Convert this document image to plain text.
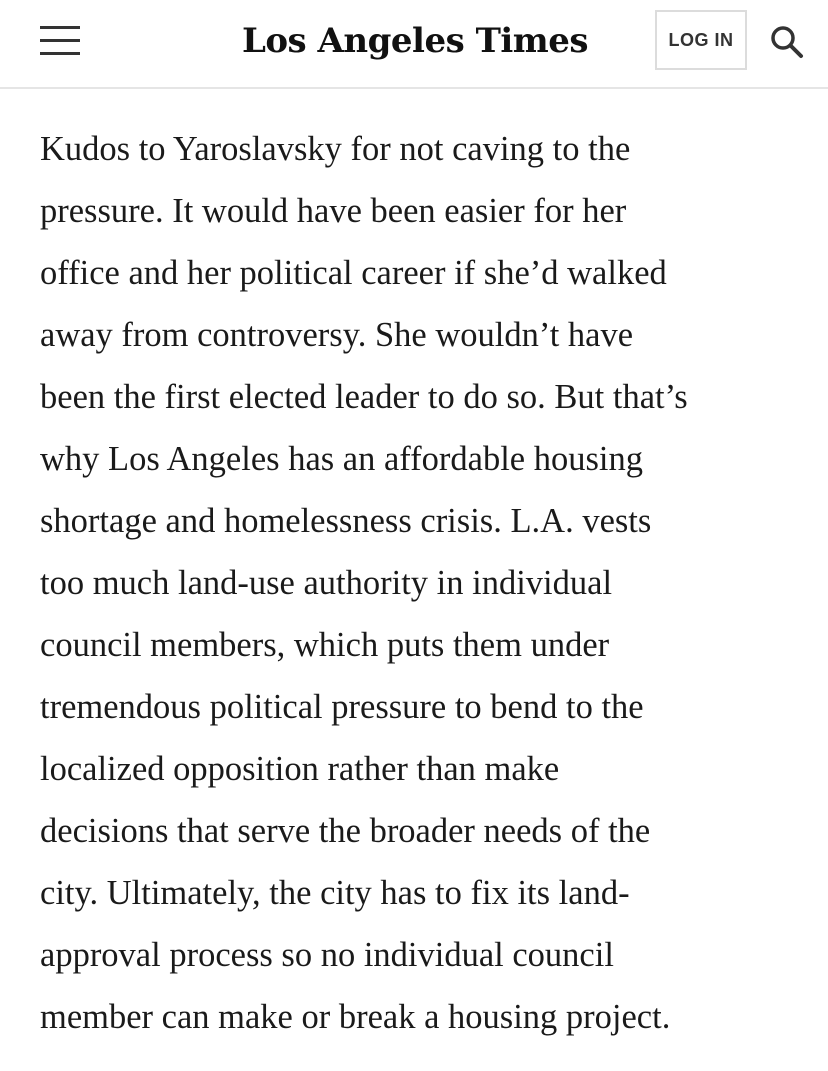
Los Angeles Times	LOG IN

Kudos to Yaroslavsky for not caving to the
pressure. It would have been easier for her
office and her political career if she’d walked
away from controversy. She wouldn’t have
been the first elected leader to do so. But that’s
why Los Angeles has an affordable housing
shortage and homelessness crisis. L.A. vests
too much land-use authority in individual
council members, which puts them under
tremendous political pressure to bend to the
localized opposition rather than make
decisions that serve the broader needs of the
city. Ultimately, the city has to fix its land-
approval process so no individual council
member can make or break a housing project.
